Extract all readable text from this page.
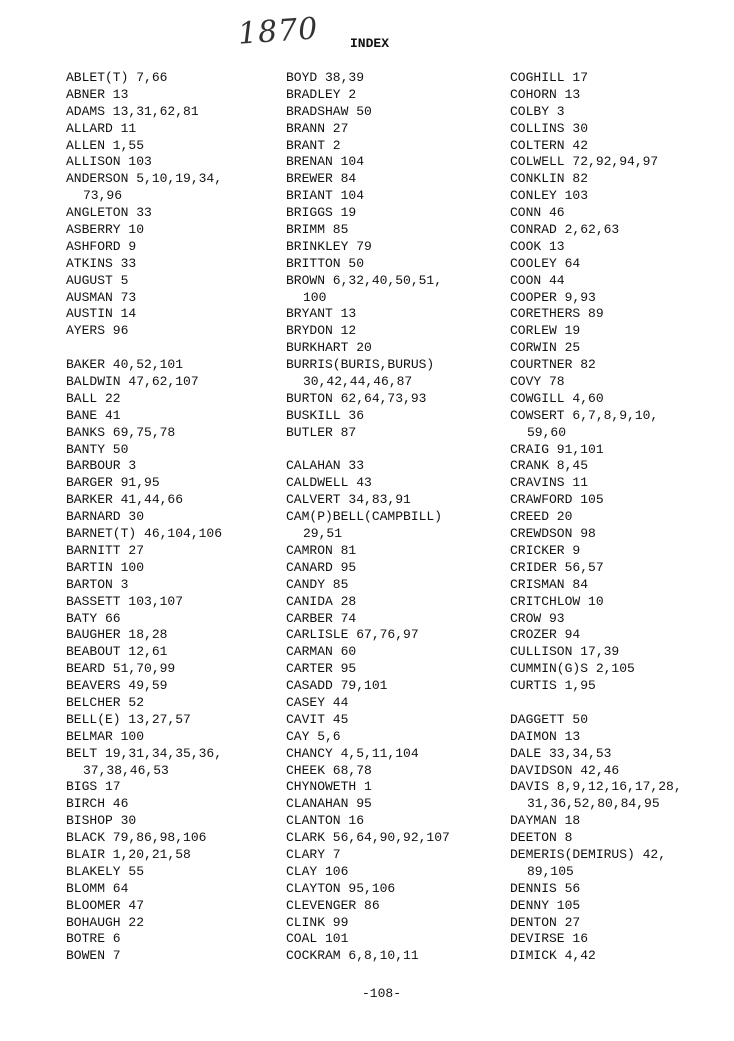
1870 INDEX
ABLET(T) 7,66
ABNER 13
ADAMS 13,31,62,81
ALLARD 11
ALLEN 1,55
ALLISON 103
ANDERSON 5,10,19,34,
73,96
ANGLETON 33
ASBERRY 10
ASHFORD 9
ATKINS 33
AUGUST 5
AUSMAN 73
AUSTIN 14
AYERS 96
BAKER 40,52,101
BALDWIN 47,62,107
BALL 22
BANE 41
BANKS 69,75,78
BANTY 50
BARBOUR 3
BARGER 91,95
BARKER 41,44,66
BARNARD 30
BARNET(T) 46,104,106
BARNITT 27
BARTIN 100
BARTON 3
BASSETT 103,107
BATY 66
BAUGHER 18,28
BEABOUT 12,61
BEARD 51,70,99
BEAVERS 49,59
BELCHER 52
BELL(E) 13,27,57
BELMAR 100
BELT 19,31,34,35,36,
37,38,46,53
BIGS 17
BIRCH 46
BISHOP 30
BLACK 79,86,98,106
BLAIR 1,20,21,58
BLAKELY 55
BLOMM 64
BLOOMER 47
BOHAUGH 22
BOTRE 6
BOWEN 7
BOYD 38,39
BRADLEY 2
BRADSHAW 50
BRANN 27
BRANT 2
BRENAN 104
BREWER 84
BRIANT 104
BRIGGS 19
BRIMM 85
BRINKLEY 79
BRITTON 50
BROWN 6,32,40,50,51,
100
BRYANT 13
BRYDON 12
BURKHART 20
BURRIS(BURIS,BURUS)
30,42,44,46,87
BURTON 62,64,73,93
BUSKILL 36
BUTLER 87
CALAHAN 33
CALDWELL 43
CALVERT 34,83,91
CAM(P)BELL(CAMPBILL)
29,51
CAMRON 81
CANARD 95
CANDY 85
CANIDA 28
CARBER 74
CARLISLE 67,76,97
CARMAN 60
CARTER 95
CASADD 79,101
CASEY 44
CAVIT 45
CAY 5,6
CHANCY 4,5,11,104
CHEEK 68,78
CHYNOWETH 1
CLANAHAN 95
CLANTON 16
CLARK 56,64,90,92,107
CLARY 7
CLAY 106
CLAYTON 95,106
CLEVENGER 86
CLINK 99
COAL 101
COCKRAM 6,8,10,11
COGHILL 17
COHORN 13
COLBY 3
COLLINS 30
COLTERN 42
COLWELL 72,92,94,97
CONKLIN 82
CONLEY 103
CONN 46
CONRAD 2,62,63
COOK 13
COOLEY 64
COON 44
COOPER 9,93
CORETHERS 89
CORLEW 19
CORWIN 25
COURTNER 82
COVY 78
COWGILL 4,60
COWSERT 6,7,8,9,10,
59,60
CRAIG 91,101
CRANK 8,45
CRAVINS 11
CRAWFORD 105
CREED 20
CREWDSON 98
CRICKER 9
CRIDER 56,57
CRISMAN 84
CRITCHLOW 10
CROW 93
CROZER 94
CULLISON 17,39
CUMMIN(G)S 2,105
CURTIS 1,95
DAGGETT 50
DAIMON 13
DALE 33,34,53
DAVIDSON 42,46
DAVIS 8,9,12,16,17,28,
31,36,52,80,84,95
DAYMAN 18
DEETON 8
DEMERIS(DEMIRUS) 42,
89,105
DENNIS 56
DENNY 105
DENTON 27
DEVIRSE 16
DIMICK 4,42
-108-
